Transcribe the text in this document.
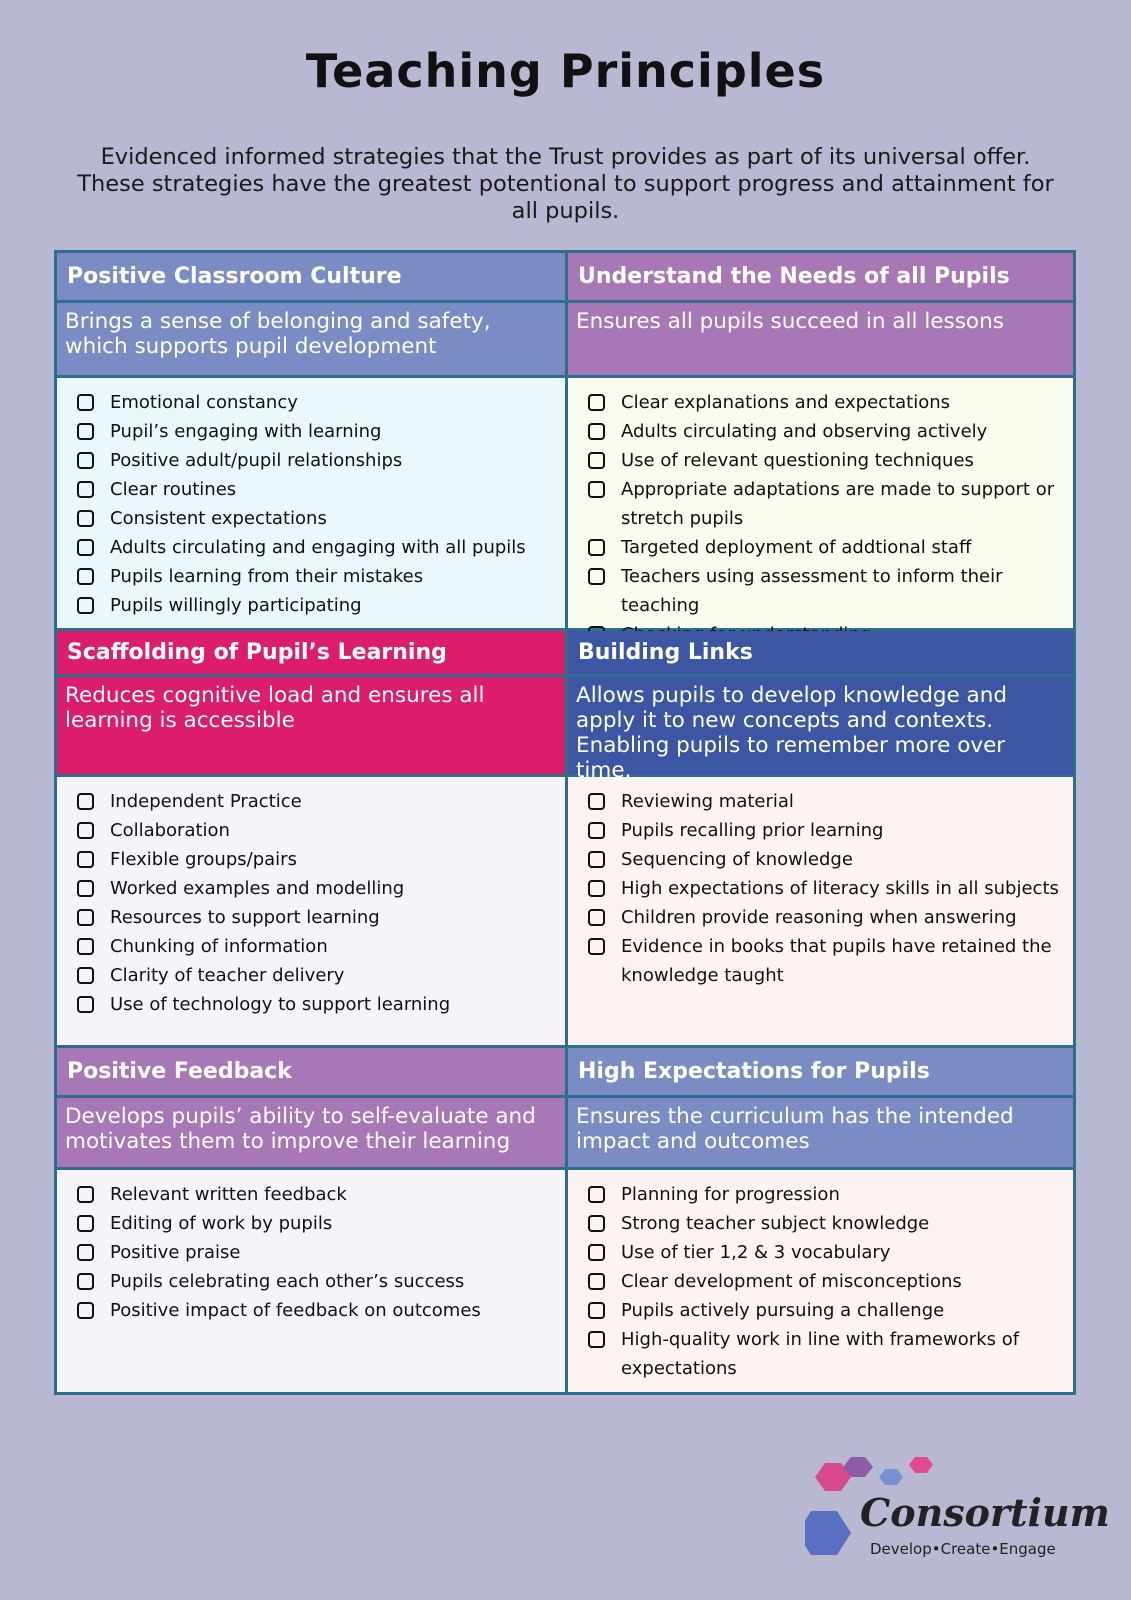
Teaching Principles
Evidenced informed strategies that the Trust provides as part of its universal offer. These strategies have the greatest potentional to support progress and attainment for all pupils.
Positive Classroom Culture
Brings a sense of belonging and safety, which supports pupil development
Emotional constancy
Pupil’s engaging with learning
Positive adult/pupil relationships
Clear routines
Consistent expectations
Adults circulating and engaging with all pupils
Pupils learning from their mistakes
Pupils willingly participating
Understand the Needs of all Pupils
Ensures all pupils succeed in all lessons
Clear explanations and expectations
Adults circulating and observing actively
Use of relevant questioning techniques
Appropriate adaptations are made to support or stretch pupils
Targeted deployment of addtional staff
Teachers using assessment to inform their teaching
Scaffolding of Pupil’s Learning
Reduces cognitive load and ensures all learning is accessible
Independent Practice
Collaboration
Flexible groups/pairs
Worked examples and modelling
Resources to support learning
Chunking of information
Clarity of teacher delivery
Use of technology to support learning
Building Links
Allows pupils to develop knowledge and apply it to new concepts and contexts. Enabling pupils to remember more over time.
Reviewing material
Pupils recalling prior learning
Sequencing of knowledge
High expectations of literacy skills in all subjects
Children provide reasoning when answering
Evidence in books that pupils have retained the knowledge taught
Positive Feedback
Develops pupils’ ability to self-evaluate and motivates them to improve their learning
Relevant written feedback
Editing of work by pupils
Positive praise
Pupils celebrating each other’s success
Positive impact of feedback on outcomes
High Expectations for Pupils
Ensures the curriculum has the intended impact and outcomes
Planning for progression
Strong teacher subject knowledge
Use of tier 1,2 & 3 vocabulary
Clear development of misconceptions
Pupils actively pursuing a challenge
High-quality work in line with frameworks of expectations
Consortium
Develop•Create•Engage
